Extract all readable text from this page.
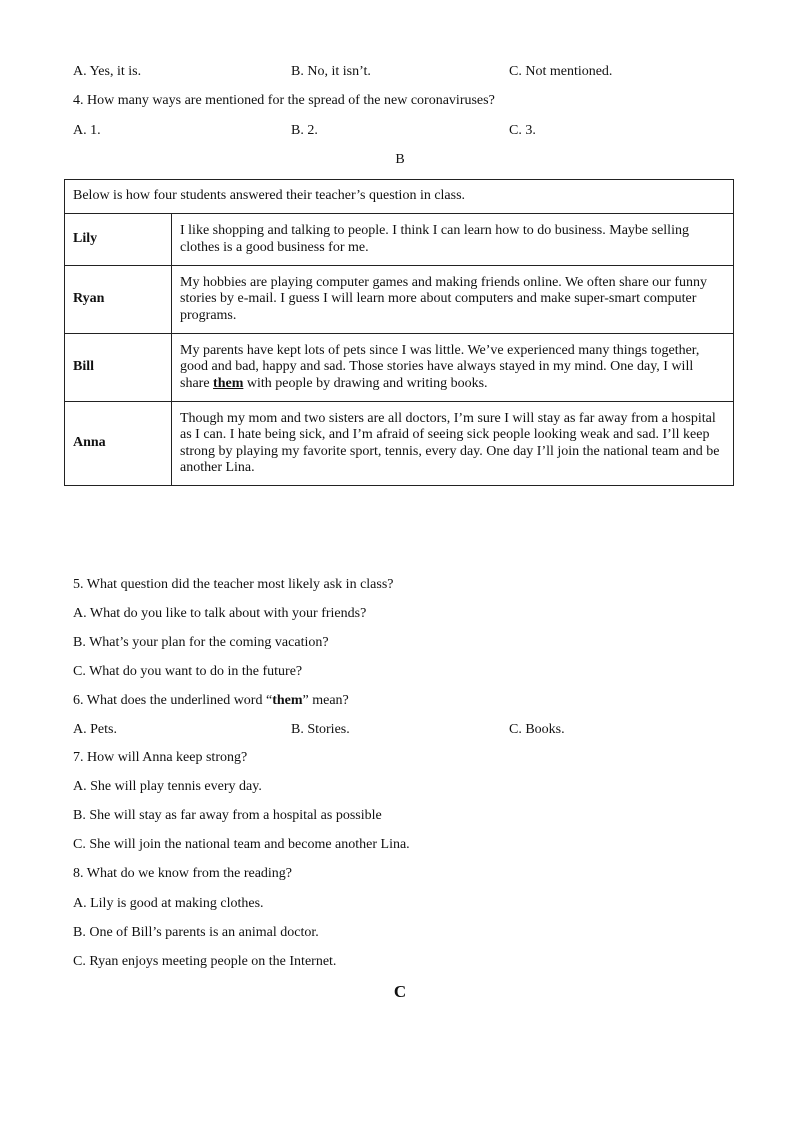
A. Yes, it is.	B. No, it isn’t.	C. Not mentioned.
4. How many ways are mentioned for the spread of the new coronaviruses?
A. 1.	B. 2.	C. 3.
B
Below is how four students answered their teacher’s question in class.	
Lily	I like shopping and talking to people. I think I can learn how to do business. Maybe selling clothes is a good business for me.
Ryan	My hobbies are playing computer games and making friends online. We often share our funny stories by e-mail. I guess I will learn more about computers and make super-smart computer programs.
Bill	My parents have kept lots of pets since I was little. We’ve experienced many things together, good and bad, happy and sad. Those stories have always stayed in my mind. One day, I will share them with people by drawing and writing books.
Anna	Though my mom and two sisters are all doctors, I’m sure I will stay as far away from a hospital as I can. I hate being sick, and I’m afraid of seeing sick people looking weak and sad. I’ll keep strong by playing my favorite sport, tennis, every day. One day I’ll join the national team and be another Lina.
5. What question did the teacher most likely ask in class?
A. What do you like to talk about with your friends?
B. What’s your plan for the coming vacation?
C. What do you want to do in the future?
6. What does the underlined word “them” mean?
A. Pets.	B. Stories.	C. Books.
7. How will Anna keep strong?
A. She will play tennis every day.
B. She will stay as far away from a hospital as possible
C. She will join the national team and become another Lina.
8. What do we know from the reading?
A. Lily is good at making clothes.
B. One of Bill’s parents is an animal doctor.
C. Ryan enjoys meeting people on the Internet.
C
